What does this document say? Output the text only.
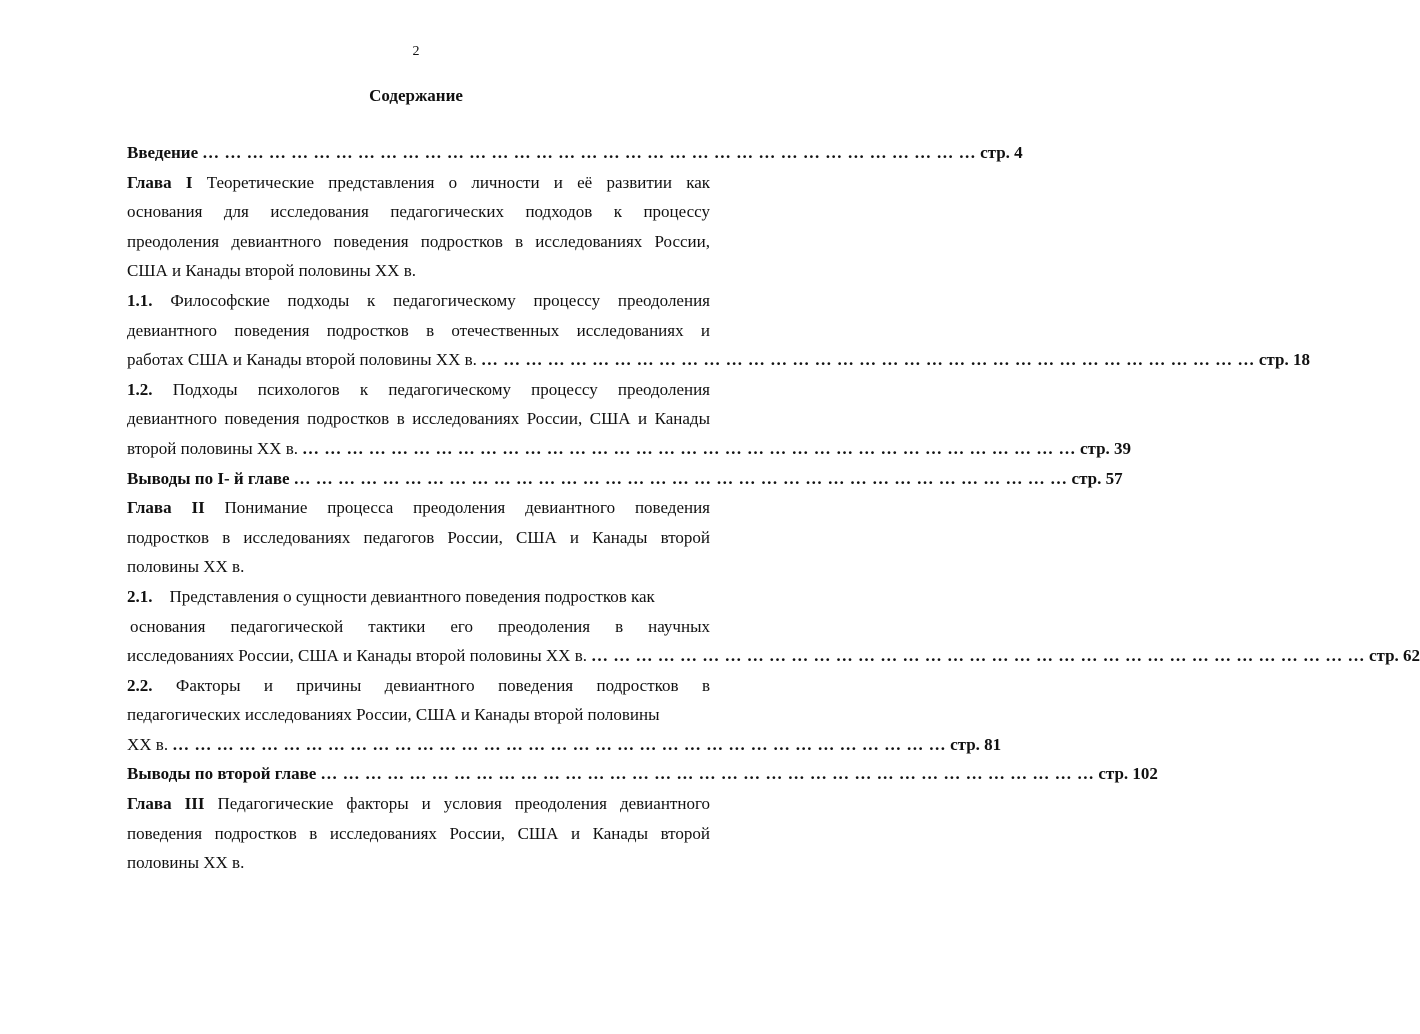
2
Содержание
Введение … … … … … … … … … … … … … … … … … … … … … … … … … … … … … … … … … … … стр. 4
Глава I Теоретические представления о личности и её развитии как
основания для исследования педагогических подходов к процессу
преодоления девиантного поведения подростков в исследованиях России,
США и Канады второй половины ХХ в.
1.1. Философские подходы к педагогическому процессу преодоления
девиантного поведения подростков в отечественных исследованиях и
работах США и Канады второй половины ХХ в. … … … … … … … … … … … … … … … … … … … … … … … … … … … … … … … … … … … стр. 18
1.2. Подходы психологов к педагогическому процессу преодоления
девиантного поведения подростков в исследованиях России, США и Канады
второй половины ХХ в. … … … … … … … … … … … … … … … … … … … … … … … … … … … … … … … … … … … стр. 39
Выводы по I- й главе … … … … … … … … … … … … … … … … … … … … … … … … … … … … … … … … … … … стр. 57
Глава II Понимание процесса преодоления девиантного поведения
подростков в исследованиях педагогов России, США и Канады второй
половины ХХ в.
2.1. Представления о сущности девиантного поведения подростков как
основания педагогической тактики его преодоления в научных
исследованиях России, США и Канады второй половины ХХ в. … … … … … … … … … … … … … … … … … … … … … … … … … … … … … … … … … … … стр. 62
2.2. Факторы и причины девиантного поведения подростков в
педагогических исследованиях России, США и Канады второй половины
ХХ в. … … … … … … … … … … … … … … … … … … … … … … … … … … … … … … … … … … … стр. 81
Выводы по второй главе … … … … … … … … … … … … … … … … … … … … … … … … … … … … … … … … … … … стр. 102
Глава III Педагогические факторы и условия преодоления девиантного
поведения подростков в исследованиях России, США и Канады второй
половины ХХ в.
